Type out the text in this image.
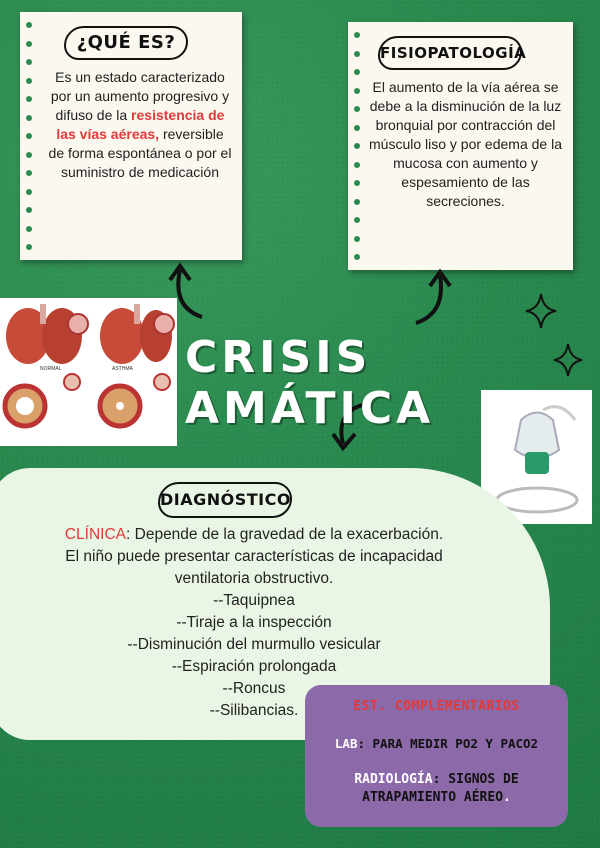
¿QUÉ ES?
Es un estado caracterizado por un aumento progresivo y difuso de la resistencia de las vías aéreas, reversible de forma espontánea o por el suministro de medicación
FISIOPATOLOGÍA
El aumento de la vía aérea se debe a la disminución de la luz bronquial por contracción del músculo liso y por edema de la mucosa con aumento y espesamiento de las secreciones.
NORMAL	ASTHMA CRISIS AMÁTICA
DIAGNÓSTICO
CLÍNICA: Depende de la gravedad de la exacerbación.
El niño puede presentar características de incapacidad
ventilatoria obstructivo.
--Taquipnea
--Tiraje a la inspección
--Disminución del murmullo vesicular
--Espiración prolongada
--Roncus
--Silibancias.	EST. COMPLEMENTARIOS
LAB: PARA MEDIR PO2 Y PACO2
RADIOLOGÍA: SIGNOS DE ATRAPAMIENTO AÉREO.
